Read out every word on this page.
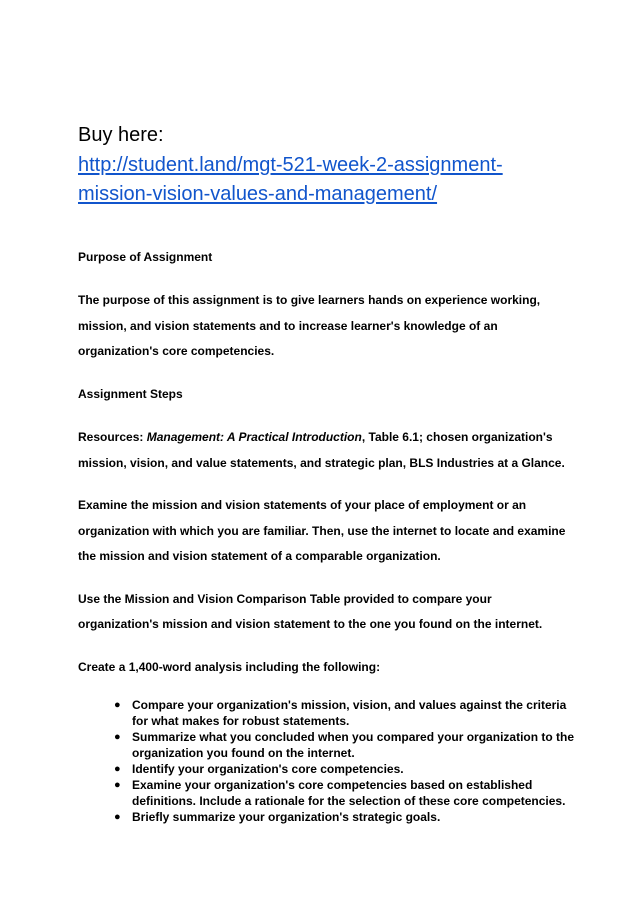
Buy here:
http://student.land/mgt-521-week-2-assignment-mission-vision-values-and-management/
Purpose of Assignment
The purpose of this assignment is to give learners hands on experience working,
mission, and vision statements and to increase learner's knowledge of an
organization's core competencies.
Assignment Steps
Resources: Management: A Practical Introduction, Table 6.1; chosen organization's
mission, vision, and value statements, and strategic plan, BLS Industries at a Glance.
Examine the mission and vision statements of your place of employment or an
organization with which you are familiar. Then, use the internet to locate and examine
the mission and vision statement of a comparable organization.
Use the Mission and Vision Comparison Table provided to compare your
organization's mission and vision statement to the one you found on the internet.
Create a 1,400-word analysis including the following:
● Compare your organization's mission, vision, and values against the criteria for what makes for robust statements.
● Summarize what you concluded when you compared your organization to the organization you found on the internet.
● Identify your organization's core competencies.
● Examine your organization's core competencies based on established definitions. Include a rationale for the selection of these core competencies.
● Briefly summarize your organization's strategic goals.
